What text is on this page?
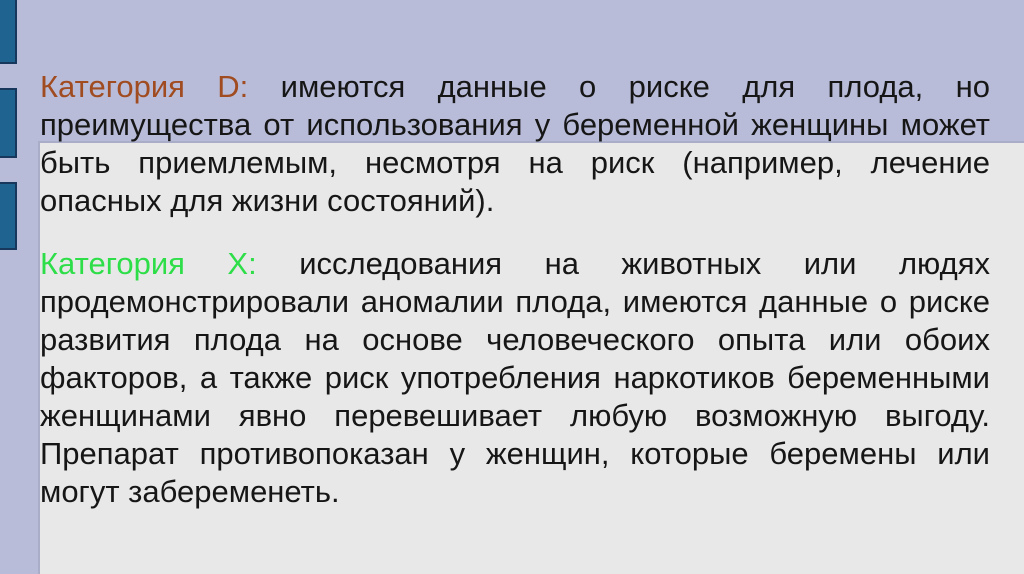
Категория D: имеются данные о риске для плода, но
преимущества от использования у беременной женщины может
быть приемлемым, несмотря на риск (например, лечение
опасных для жизни состояний).
Категория X: исследования на животных или людях
продемонстрировали аномалии плода, имеются данные о риске
развития плода на основе человеческого опыта или обоих
факторов, а также риск употребления наркотиков беременными
женщинами явно перевешивает любую возможную выгоду.
Препарат противопоказан у женщин, которые беремены или
могут забеременеть.
